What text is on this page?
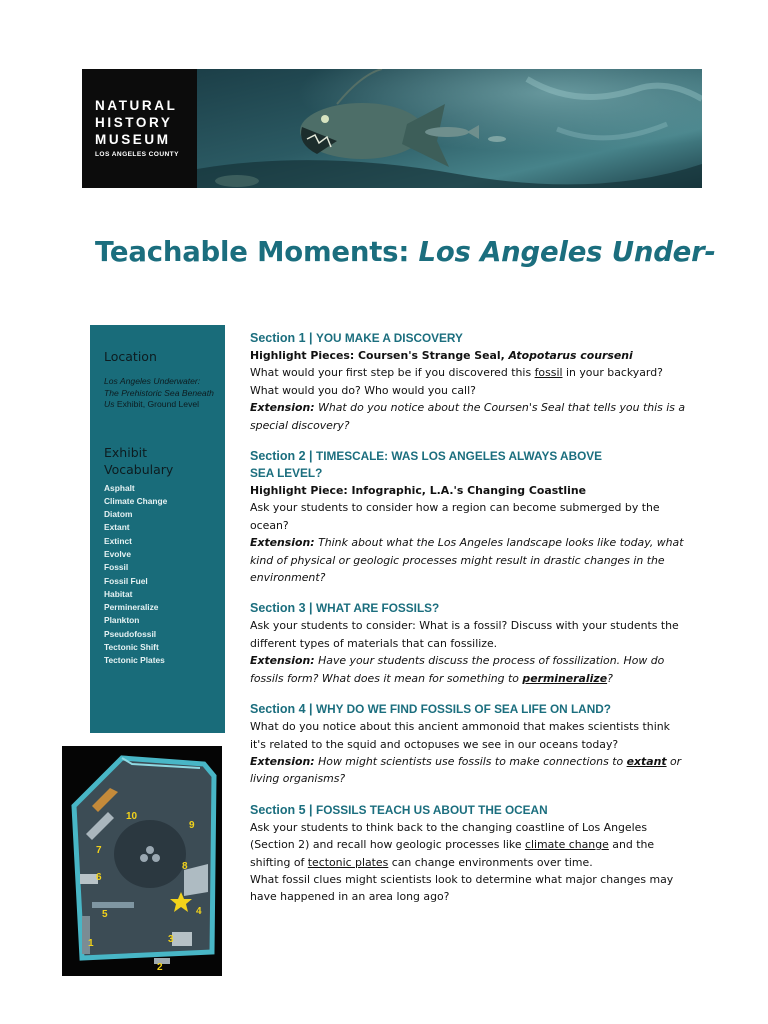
NATURAL
HISTORY
MUSEUM
LOS ANGELES COUNTY
Teachable Moments: Los Angeles Under-
Location
Los Angeles Underwater: The Prehistoric Sea Beneath Us Exhibit, Ground Level
Exhibit
Vocabulary
Asphalt
Climate Change
Diatom
Extant
Extinct
Evolve
Fossil
Fossil Fuel
Habitat
Permineralize
Plankton
Pseudofossil
Tectonic Shift
Tectonic Plates
1
2
3
4
5
6
7
8
9
10
Section 1 | YOU MAKE A DISCOVERY
Highlight Pieces: Coursen's Strange Seal, Atopotarus courseni
What would your first step be if you discovered this fossil in your backyard?
What would you do? Who would you call?
Extension: What do you notice about the Coursen's Seal that tells you this is a
special discovery?
Section 2 | TIMESCALE: WAS LOS ANGELES ALWAYS ABOVE
SEA LEVEL?
Highlight Piece: Infographic, L.A.'s Changing Coastline
Ask your students to consider how a region can become submerged by the
ocean?
Extension: Think about what the Los Angeles landscape looks like today, what
kind of physical or geologic processes might result in drastic changes in the
environment?
Section 3 | WHAT ARE FOSSILS?
Ask your students to consider: What is a fossil? Discuss with your students the
different types of materials that can fossilize.
Extension: Have your students discuss the process of fossilization. How do
fossils form? What does it mean for something to permineralize?
Section 4 | WHY DO WE FIND FOSSILS OF SEA LIFE ON LAND?
What do you notice about this ancient ammonoid that makes scientists think
it's related to the squid and octopuses we see in our oceans today?
Extension: How might scientists use fossils to make connections to extant or
living organisms?
Section 5 | FOSSILS TEACH US ABOUT THE OCEAN
Ask your students to think back to the changing coastline of Los Angeles
(Section 2) and recall how geologic processes like climate change and the
shifting of tectonic plates can change environments over time.
What fossil clues might scientists look to determine what major changes may
have happened in an area long ago?
